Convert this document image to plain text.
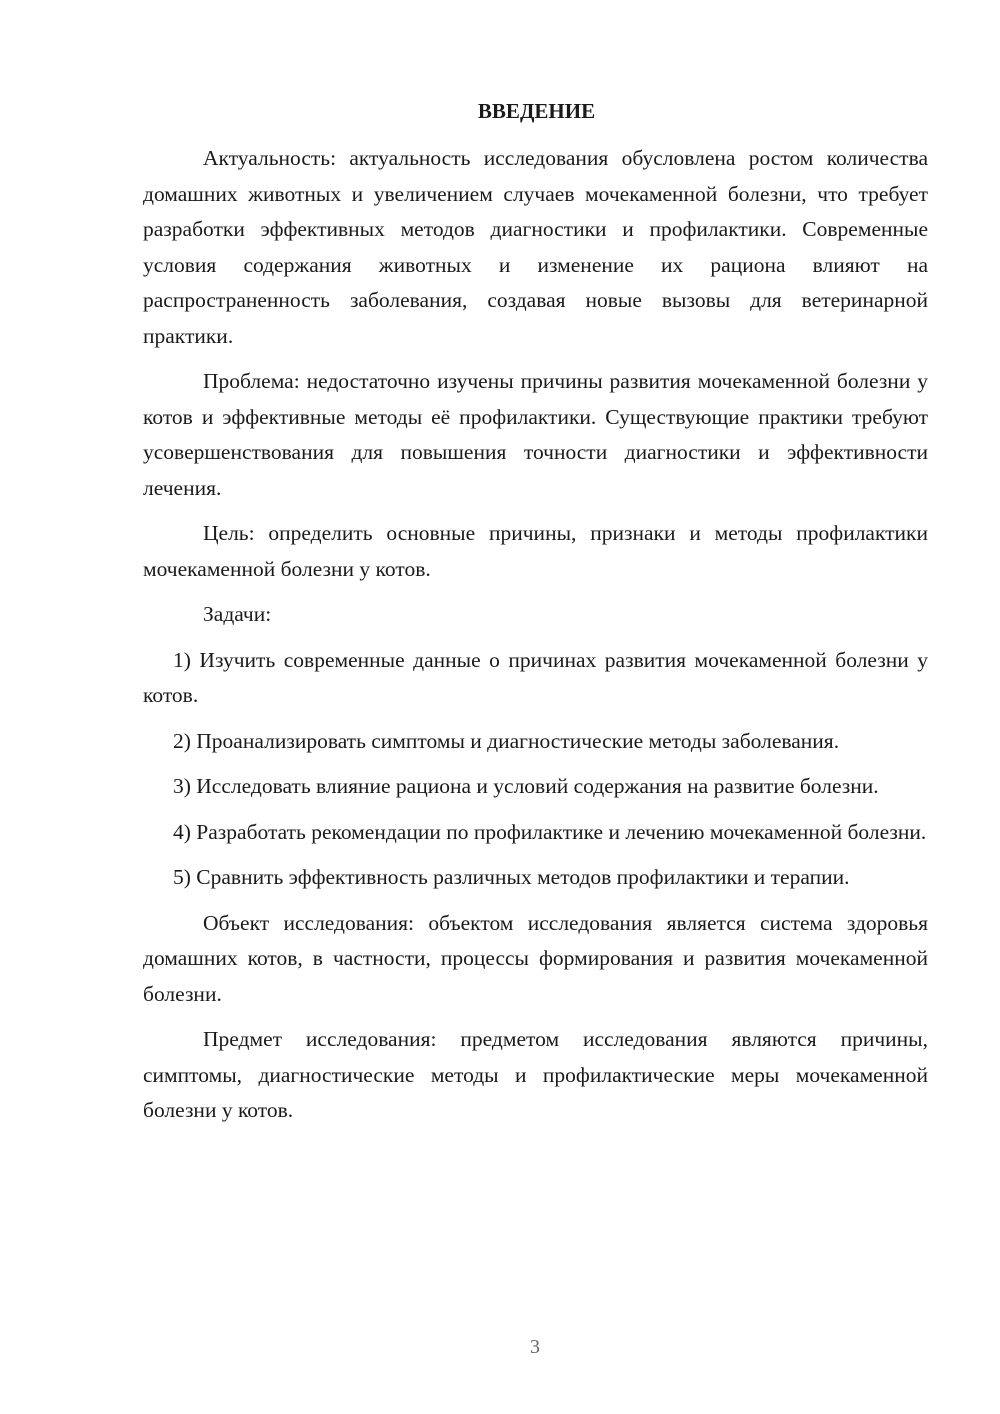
ВВЕДЕНИЕ

Актуальность: актуальность исследования обусловлена ростом количества домашних животных и увеличением случаев мочекаменной болезни, что требует разработки эффективных методов диагностики и профилактики. Современные условия содержания животных и изменение их рациона влияют на распространенность заболевания, создавая новые вызовы для ветеринарной практики.

Проблема: недостаточно изучены причины развития мочекаменной болезни у котов и эффективные методы её профилактики. Существующие практики требуют усовершенствования для повышения точности диагностики и эффективности лечения.

Цель: определить основные причины, признаки и методы профилактики мочекаменной болезни у котов.

Задачи:

1) Изучить современные данные о причинах развития мочекаменной болезни у котов.

2) Проанализировать симптомы и диагностические методы заболевания.

3) Исследовать влияние рациона и условий содержания на развитие болезни.

4) Разработать рекомендации по профилактике и лечению мочекаменной болезни.

5) Сравнить эффективность различных методов профилактики и терапии.

Объект исследования: объектом исследования является система здоровья домашних котов, в частности, процессы формирования и развития мочекаменной болезни.

Предмет исследования: предметом исследования являются причины, симптомы, диагностические методы и профилактические меры мочекаменной болезни у котов.

3
